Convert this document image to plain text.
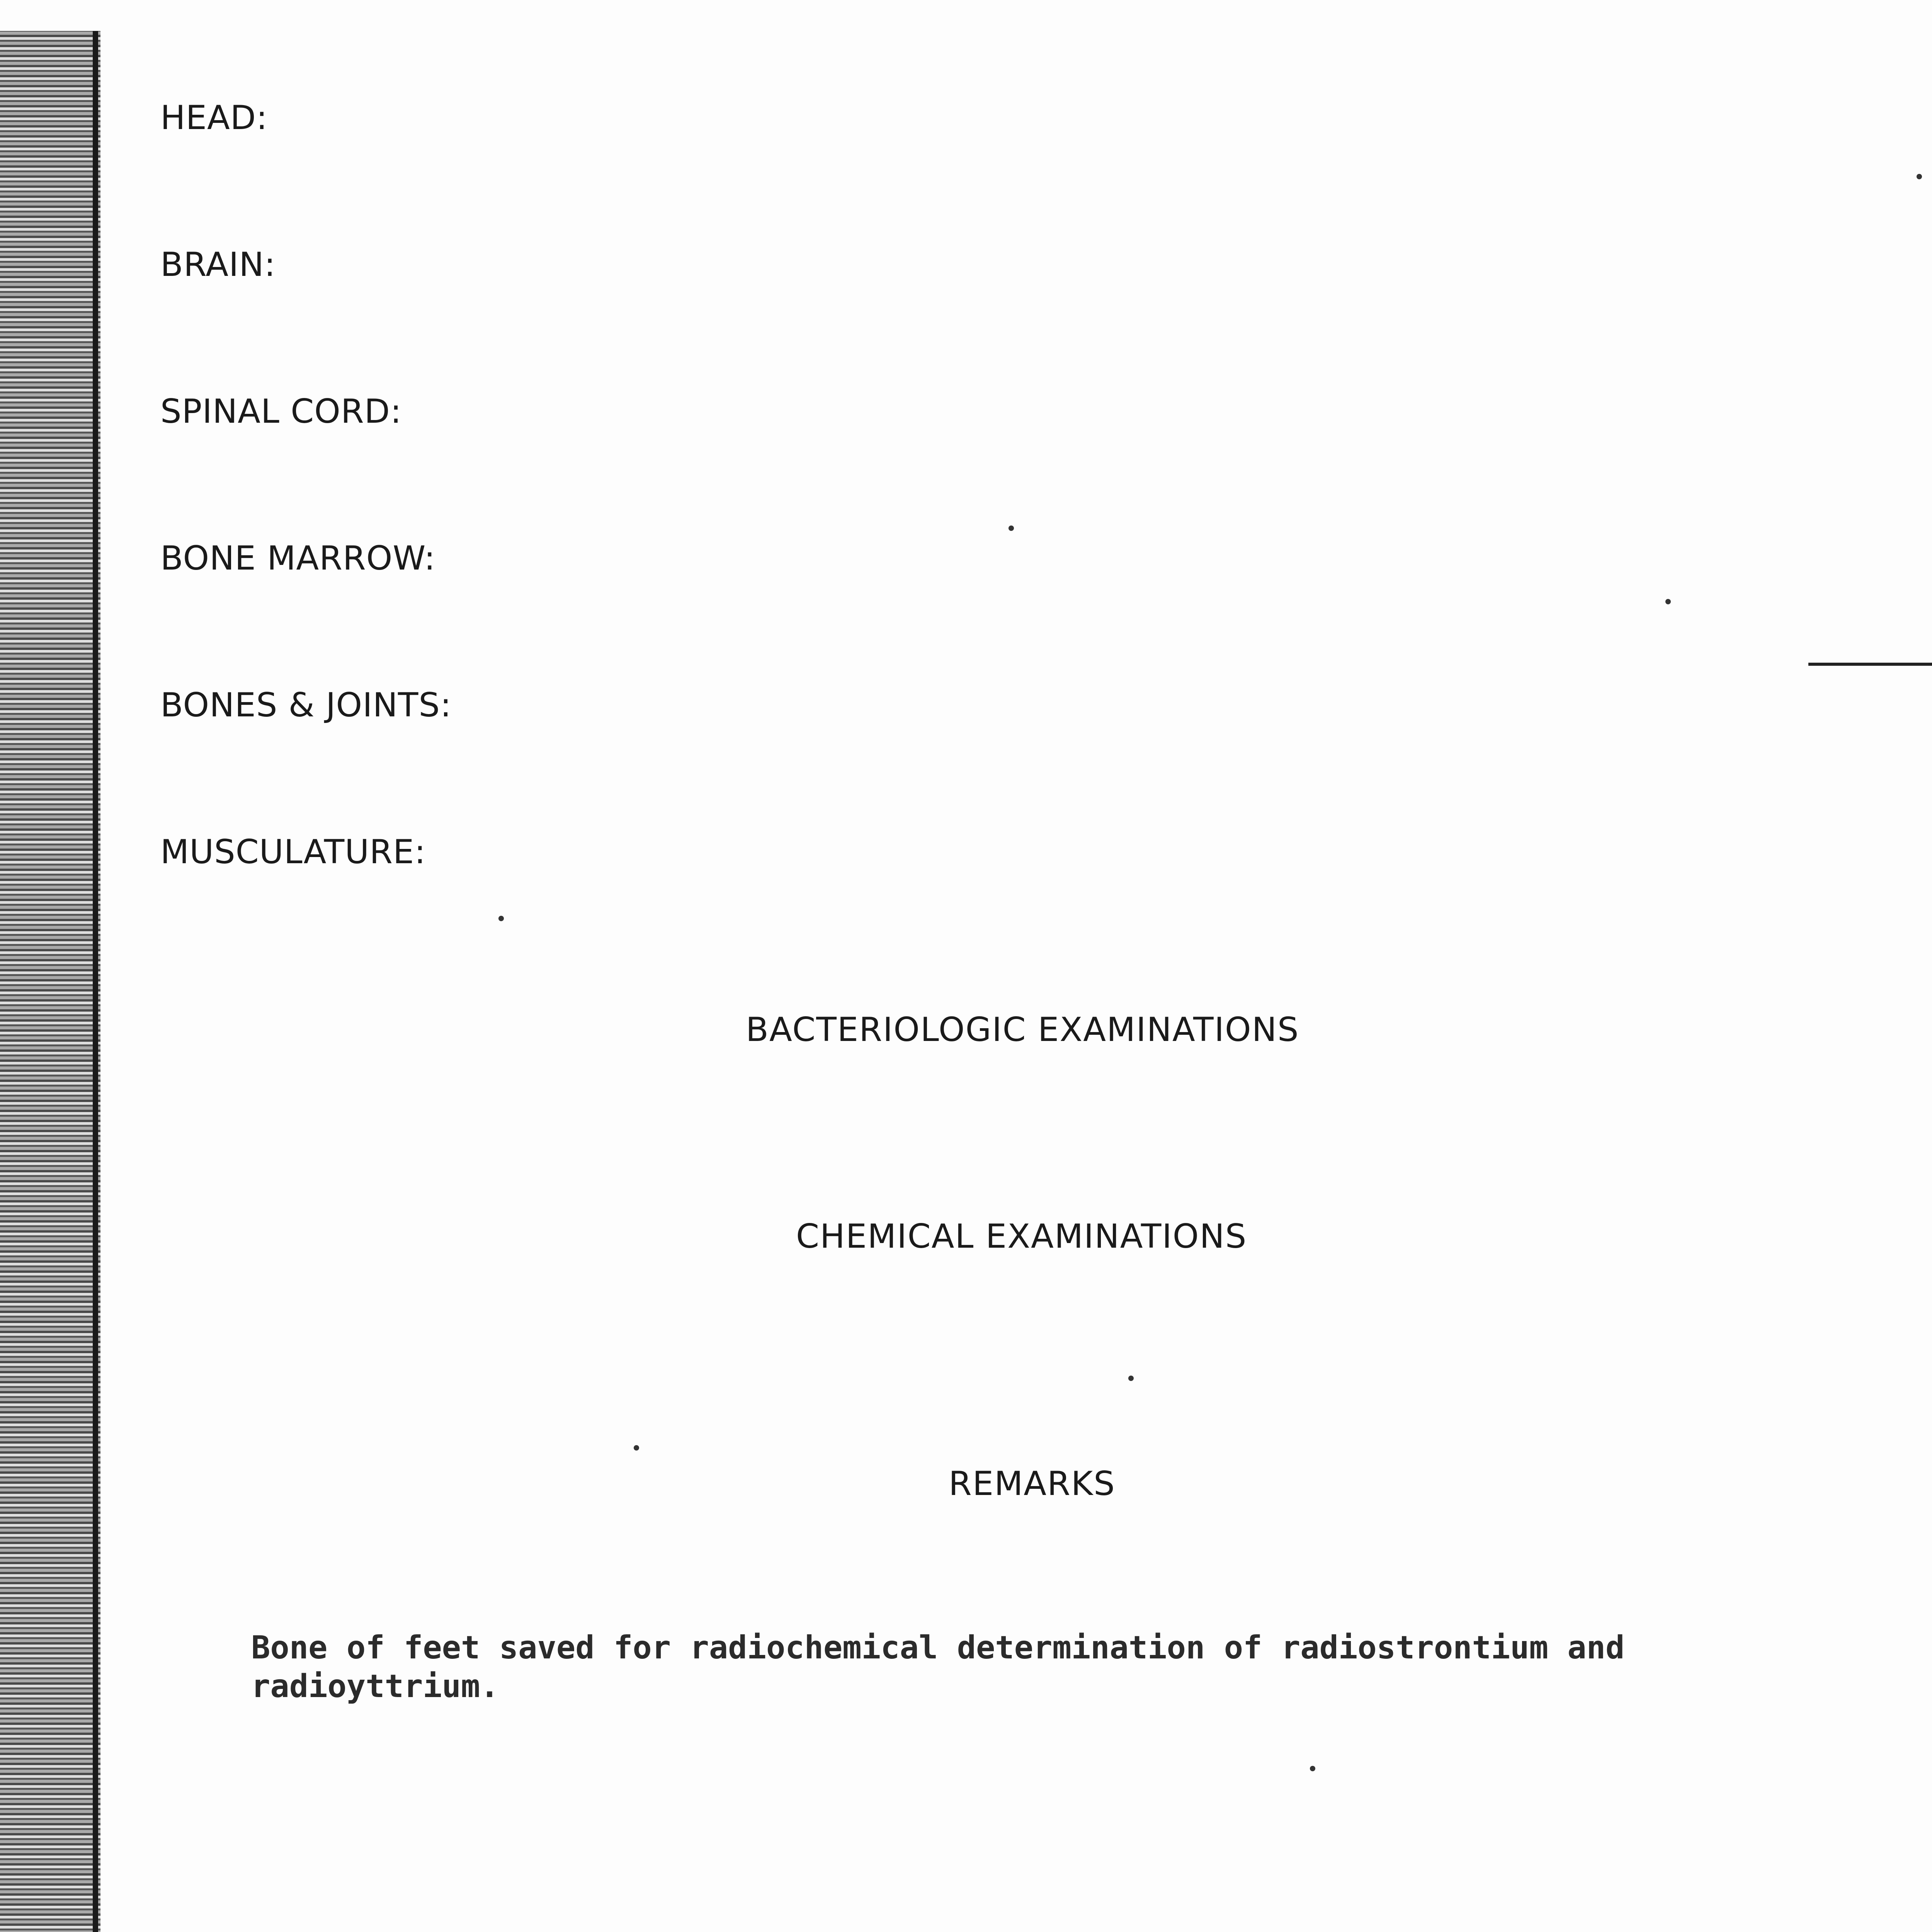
HEAD:
BRAIN:
SPINAL CORD:
BONE MARROW:
BONES & JOINTS:
MUSCULATURE:
BACTERIOLOGIC EXAMINATIONS
CHEMICAL EXAMINATIONS
REMARKS
Bone of feet saved for radiochemical determination of radiostrontium and
radioyttrium.
